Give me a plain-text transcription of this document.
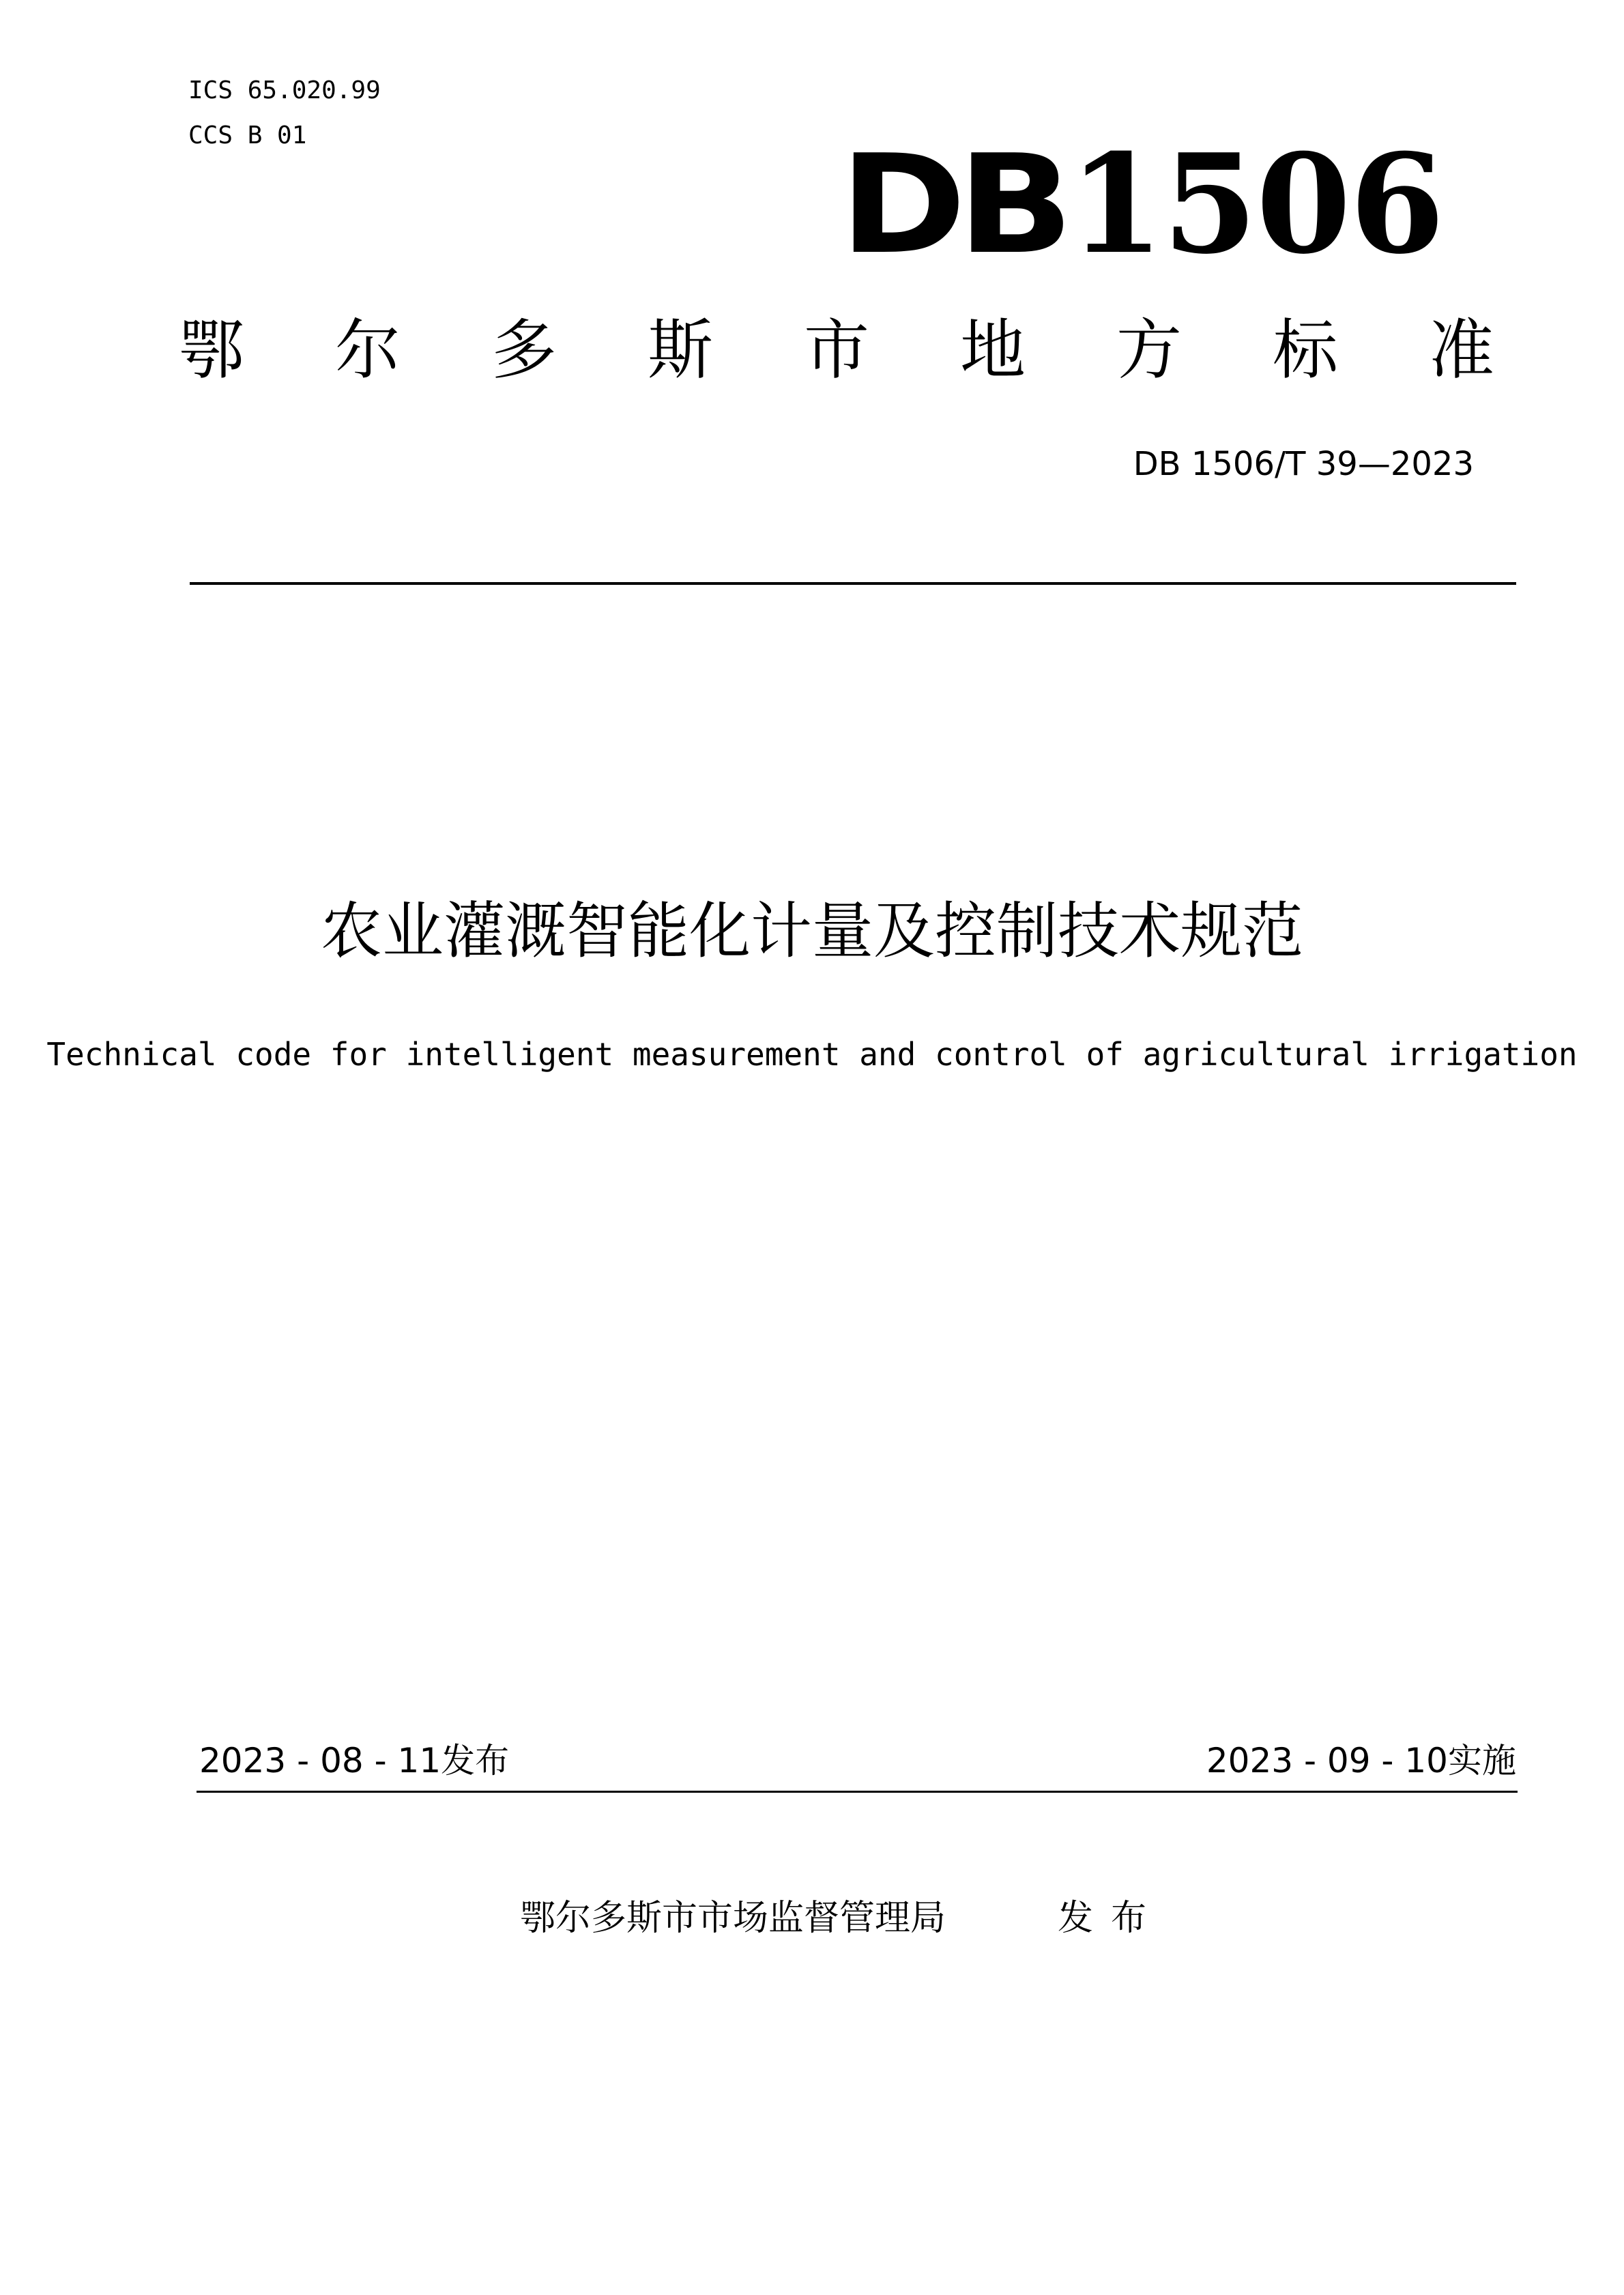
ICS 65.020.99
CCS B 01	DB1506
鄂 尔 多 斯 市 地 方 标 准
DB 1506/T 39—2023
农业灌溉智能化计量及控制技术规范
Technical code for intelligent measurement and control of agricultural irrigation
2023 - 08 - 11发布	2023 - 09 - 10实施
鄂尔多斯市市场监督管理局	发布
